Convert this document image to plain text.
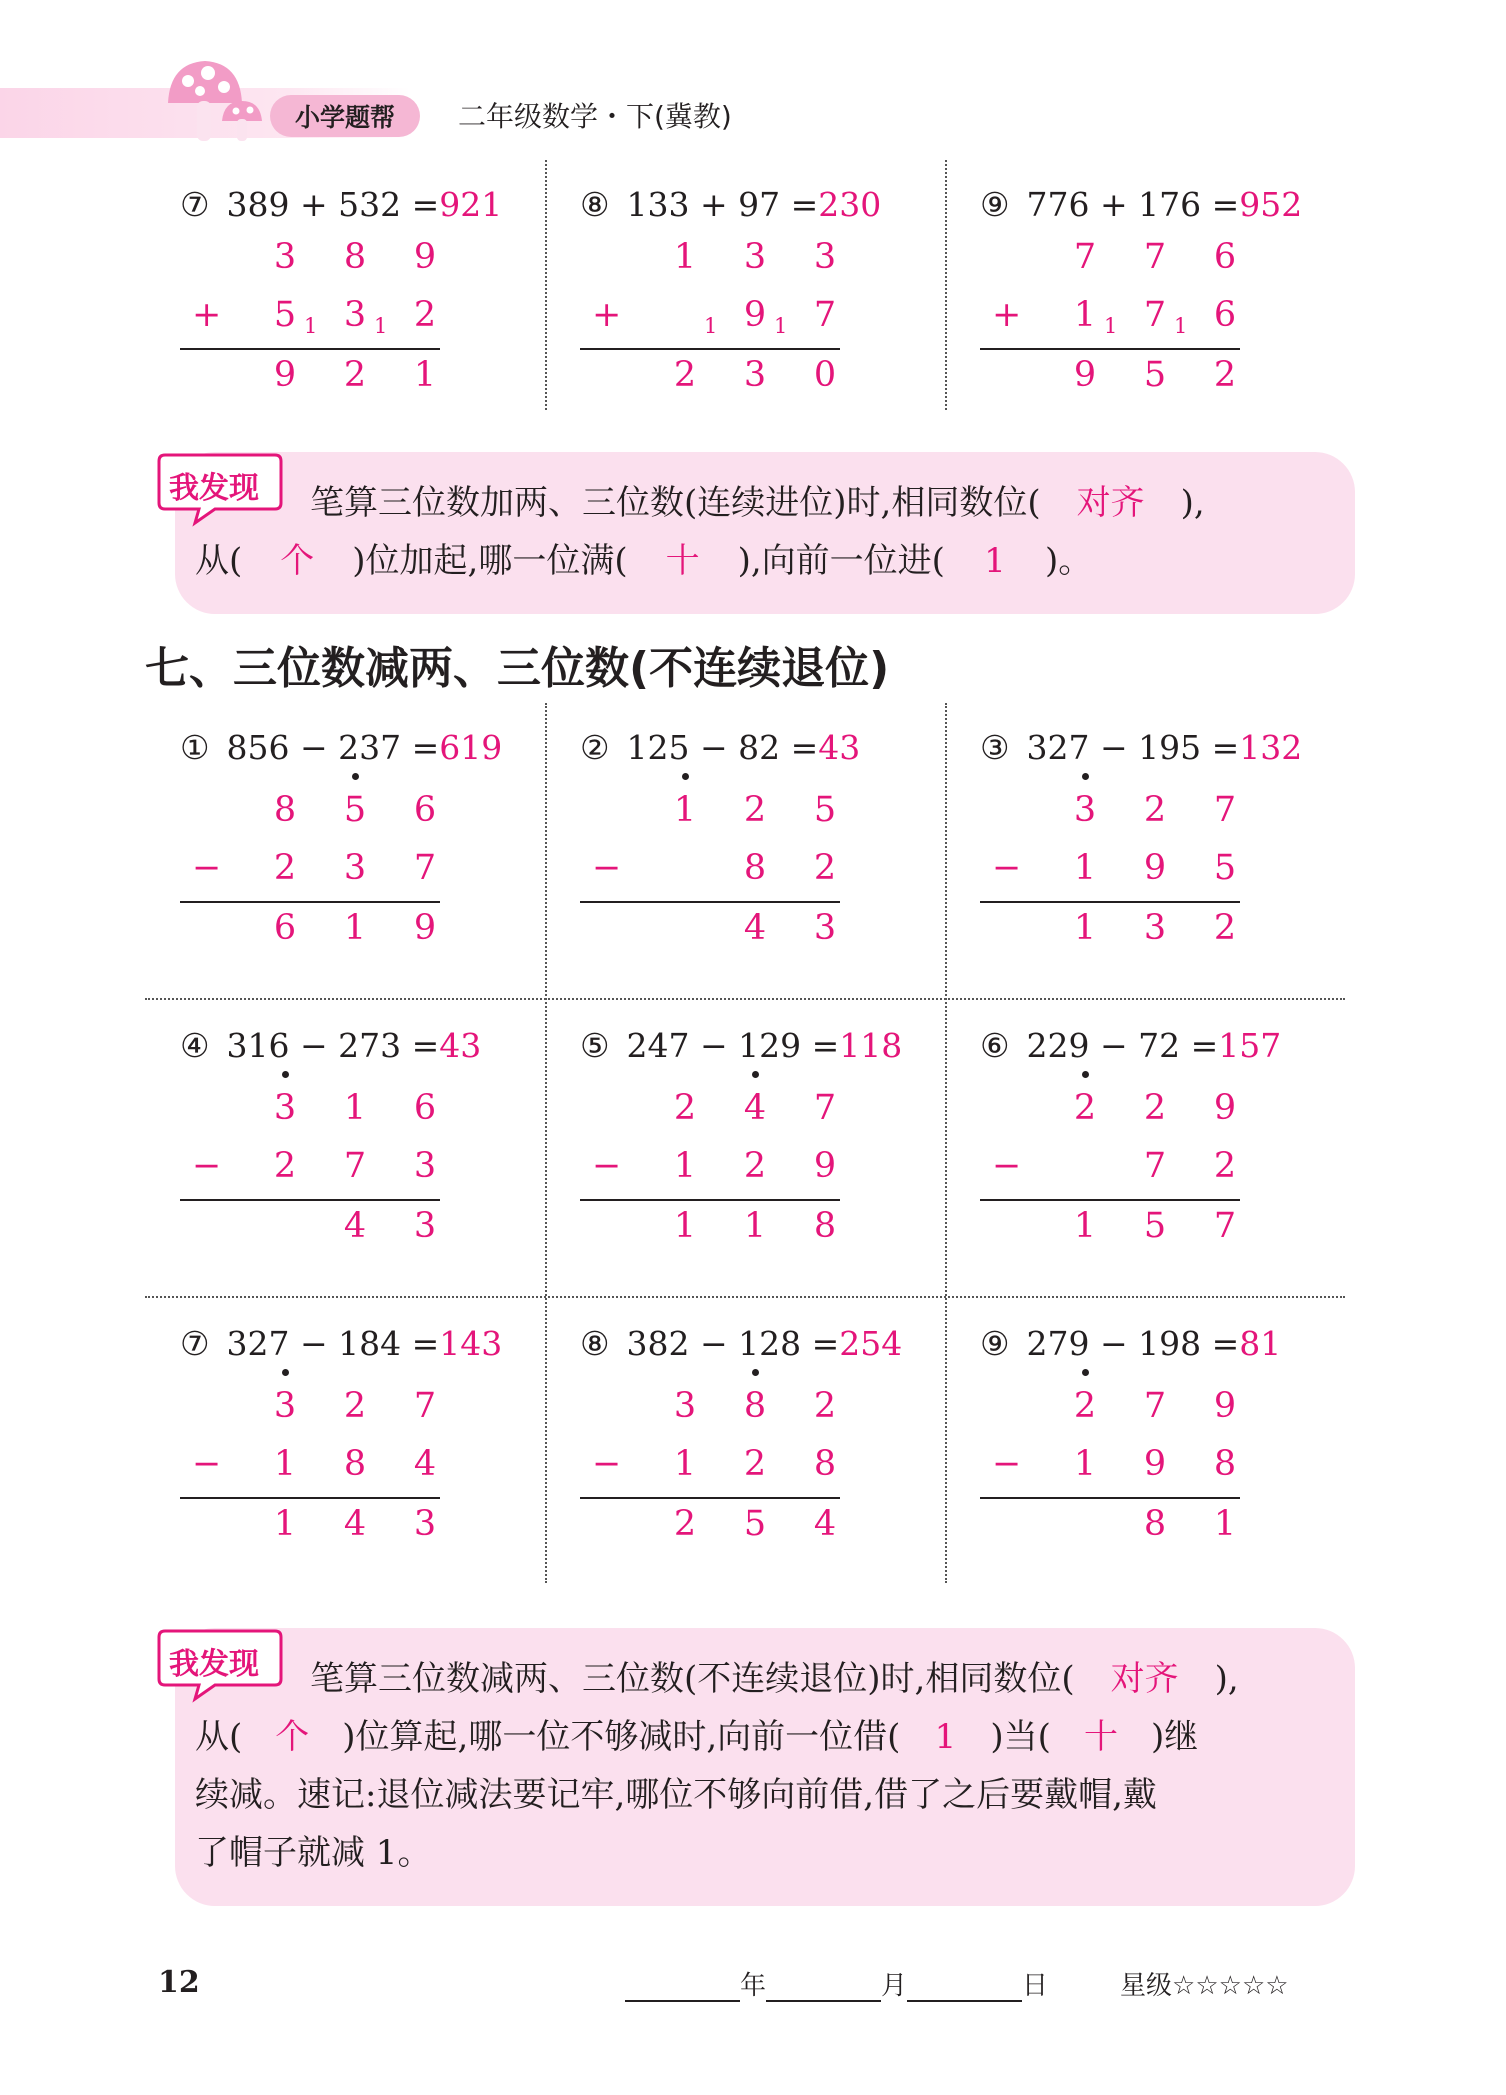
小学题帮	二年级数学・下(冀教)
⑦ 389 + 532 =921
3 8 9
+ 5 3 2
1	1
9 2 1
⑧ 133 + 97 =230
1 3 3
+	9 7
1	1
2 3 0
⑨ 776 + 176 =952
7 7 6
+ 1 7 6
1	1
9 5 2
我发现 笔算三位数加两、三位数(连续进位)时,相同数位( 对齐 ),
从( 个 )位加起,哪一位满( 十 ),向前一位进( 1 )。
七、三位数减两、三位数(不连续退位)
① 856 − 237 =619
8 5 6
− 2 3 7
6 1 9
② 125 − 82 =43
1 2 5
−	8 2
4 3
③ 327 − 195 =132
3 2 7
− 1 9 5
1 3 2
④ 316 − 273 =43
3 1 6
− 2 7 3
4 3
⑤ 247 − 129 =118
2 4 7
− 1 2 9
1 1 8
⑥ 229 − 72 =157
2 2 9
−	7 2
1 5 7
⑦ 327 − 184 =143
3 2 7
− 1 8 4
1 4 3
⑧ 382 − 128 =254
3 8 2
− 1 2 8
2 5 4
⑨ 279 − 198 =81
2 7 9
− 1 9 8
8 1
我发现 笔算三位数减两、三位数(不连续退位)时,相同数位( 对齐 ),
从( 个 )位算起,哪一位不够减时,向前一位借( 1 )当( 十 )继
续减。速记:退位减法要记牢,哪位不够向前借,借了之后要戴帽,戴
了帽子就减 1。
12	年	月	日	星级☆☆☆☆☆
